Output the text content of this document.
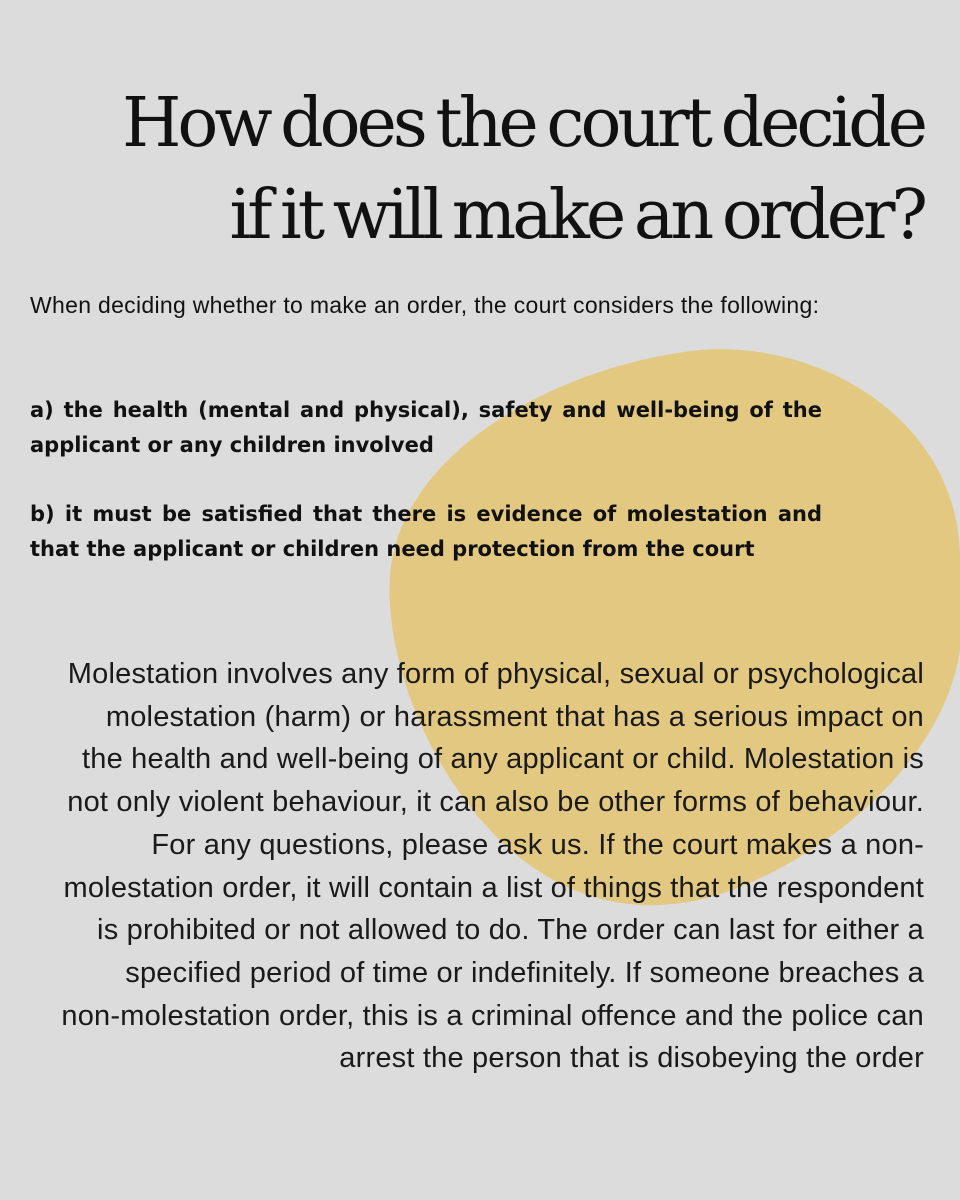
How does the court decide if it will make an order?

When deciding whether to make an order, the court considers the following:

a) the health (mental and physical), safety and well-being of the applicant or any children involved

b) it must be satisfied that there is evidence of molestation and that the applicant or children need protection from the court

Molestation involves any form of physical, sexual or psychological molestation (harm) or harassment that has a serious impact on the health and well-being of any applicant or child. Molestation is not only violent behaviour, it can also be other forms of behaviour. For any questions, please ask us. If the court makes a non-molestation order, it will contain a list of things that the respondent is prohibited or not allowed to do. The order can last for either a specified period of time or indefinitely. If someone breaches a non-molestation order, this is a criminal offence and the police can arrest the person that is disobeying the order
